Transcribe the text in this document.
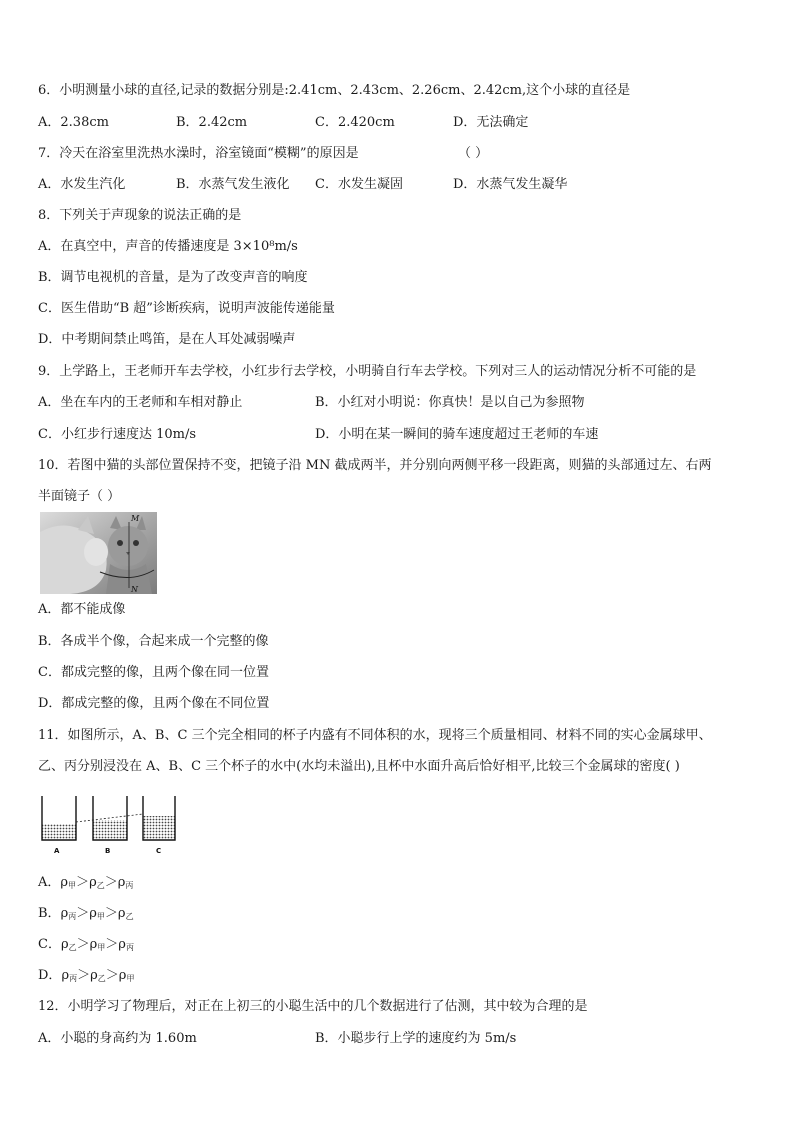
6．小明测量小球的直径,记录的数据分别是:2.41cm、2.43cm、2.26cm、2.42cm,这个小球的直径是
A．2.38cm	B．2.42cm	C．2.420cm	D．无法确定
7．冷天在浴室里洗热水澡时，浴室镜面“模糊”的原因是	（ ）
A．水发生汽化	B．水蒸气发生液化 C．水发生凝固	D．水蒸气发生凝华
8．下列关于声现象的说法正确的是
A．在真空中，声音的传播速度是 3×10⁸m/s
B．调节电视机的音量，是为了改变声音的响度
C．医生借助“B 超”诊断疾病，说明声波能传递能量
D．中考期间禁止鸣笛，是在人耳处减弱噪声
9．上学路上，王老师开车去学校，小红步行去学校，小明骑自行车去学校。下列对三人的运动情况分析不可能的是
A．坐在车内的王老师和车相对静止	B．小红对小明说：你真快！是以自己为参照物
C．小红步行速度达 10m/s	D．小明在某一瞬间的骑车速度超过王老师的车速
10．若图中猫的头部位置保持不变，把镜子沿 MN 截成两半，并分别向两侧平移一段距离，则猫的头部通过左、右两
半面镜子（ ）
M
N
A．都不能成像
B．各成半个像，合起来成一个完整的像
C．都成完整的像，且两个像在同一位置
D．都成完整的像，且两个像在不同位置
11．如图所示，A、B、C 三个完全相同的杯子内盛有不同体积的水，现将三个质量相同、材料不同的实心金属球甲、
乙、丙分别浸没在 A、B、C 三个杯子的水中(水均未溢出),且杯中水面升高后恰好相平,比较三个金属球的密度( )
A	B	C
A．$\rho_甲>\rho_乙>\rho_丙$
B．$\rho_丙>\rho_甲>\rho_乙$
C．$\rho_乙>\rho_甲>\rho_丙$
D．$\rho_丙>\rho_乙>\rho_甲$
12．小明学习了物理后，对正在上初三的小聪生活中的几个数据进行了估测，其中较为合理的是
A．小聪的身高约为 1.60m	B．小聪步行上学的速度约为 5m/s
